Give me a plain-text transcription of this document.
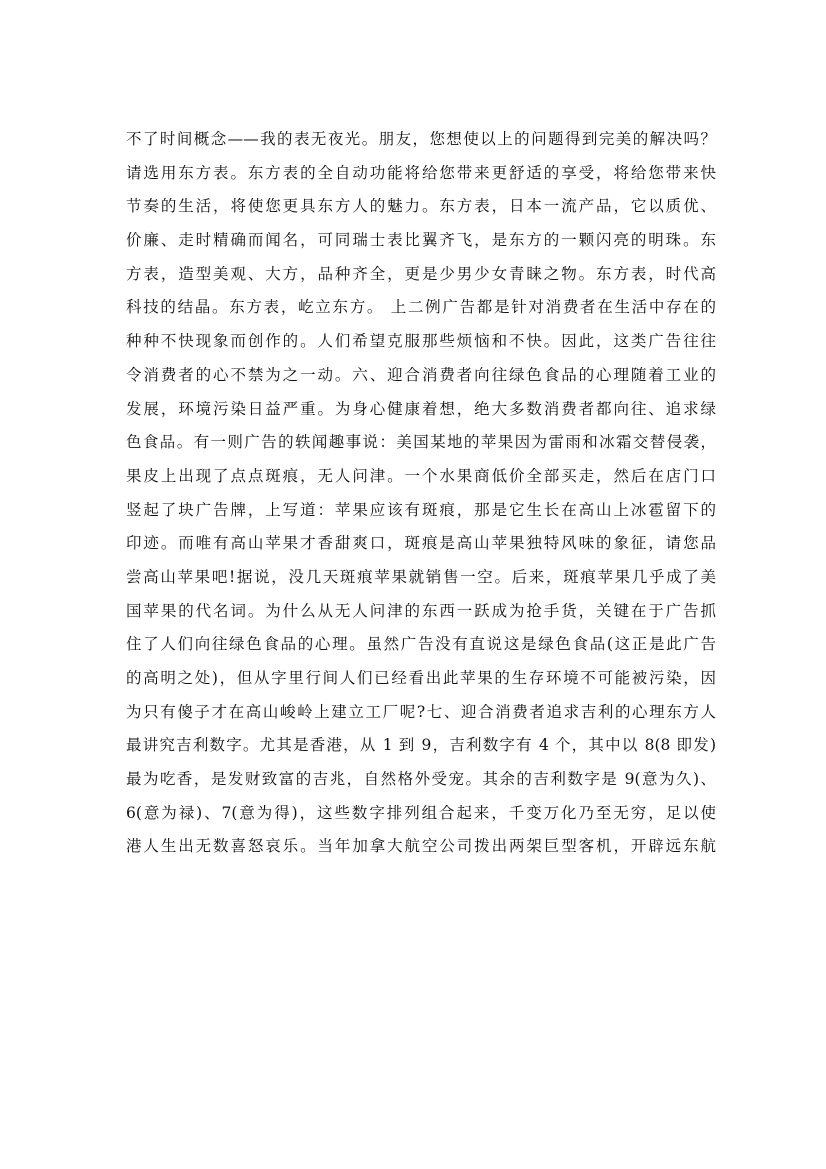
不了时间概念——我的表无夜光。朋友，您想使以上的问题得到完美的解决吗？
请选用东方表。东方表的全自动功能将给您带来更舒适的享受，将给您带来快
节奏的生活，将使您更具东方人的魅力。东方表，日本一流产品，它以质优、
价廉、走时精确而闻名，可同瑞士表比翼齐飞，是东方的一颗闪亮的明珠。东
方表，造型美观、大方，品种齐全，更是少男少女青睐之物。东方表，时代高
科技的结晶。东方表，屹立东方。 上二例广告都是针对消费者在生活中存在的
种种不快现象而创作的。人们希望克服那些烦恼和不快。因此，这类广告往往
令消费者的心不禁为之一动。六、迎合消费者向往绿色食品的心理随着工业的
发展，环境污染日益严重。为身心健康着想，绝大多数消费者都向往、追求绿
色食品。有一则广告的轶闻趣事说：美国某地的苹果因为雷雨和冰霜交替侵袭，
果皮上出现了点点斑痕，无人问津。一个水果商低价全部买走，然后在店门口
竖起了块广告牌，上写道：苹果应该有斑痕，那是它生长在高山上冰雹留下的
印迹。而唯有高山苹果才香甜爽口，斑痕是高山苹果独特风味的象征，请您品
尝高山苹果吧!据说，没几天斑痕苹果就销售一空。后来，斑痕苹果几乎成了美
国苹果的代名词。为什么从无人问津的东西一跃成为抢手货，关键在于广告抓
住了人们向往绿色食品的心理。虽然广告没有直说这是绿色食品(这正是此广告
的高明之处)，但从字里行间人们已经看出此苹果的生存环境不可能被污染，因
为只有傻子才在高山峻岭上建立工厂呢?七、迎合消费者追求吉利的心理东方人
最讲究吉利数字。尤其是香港，从 1 到 9，吉利数字有 4 个，其中以 8(8 即发)
最为吃香，是发财致富的吉兆，自然格外受宠。其余的吉利数字是 9(意为久)、
6(意为禄)、7(意为得)，这些数字排列组合起来，千变万化乃至无穷，足以使
港人生出无数喜怒哀乐。当年加拿大航空公司拨出两架巨型客机，开辟远东航
